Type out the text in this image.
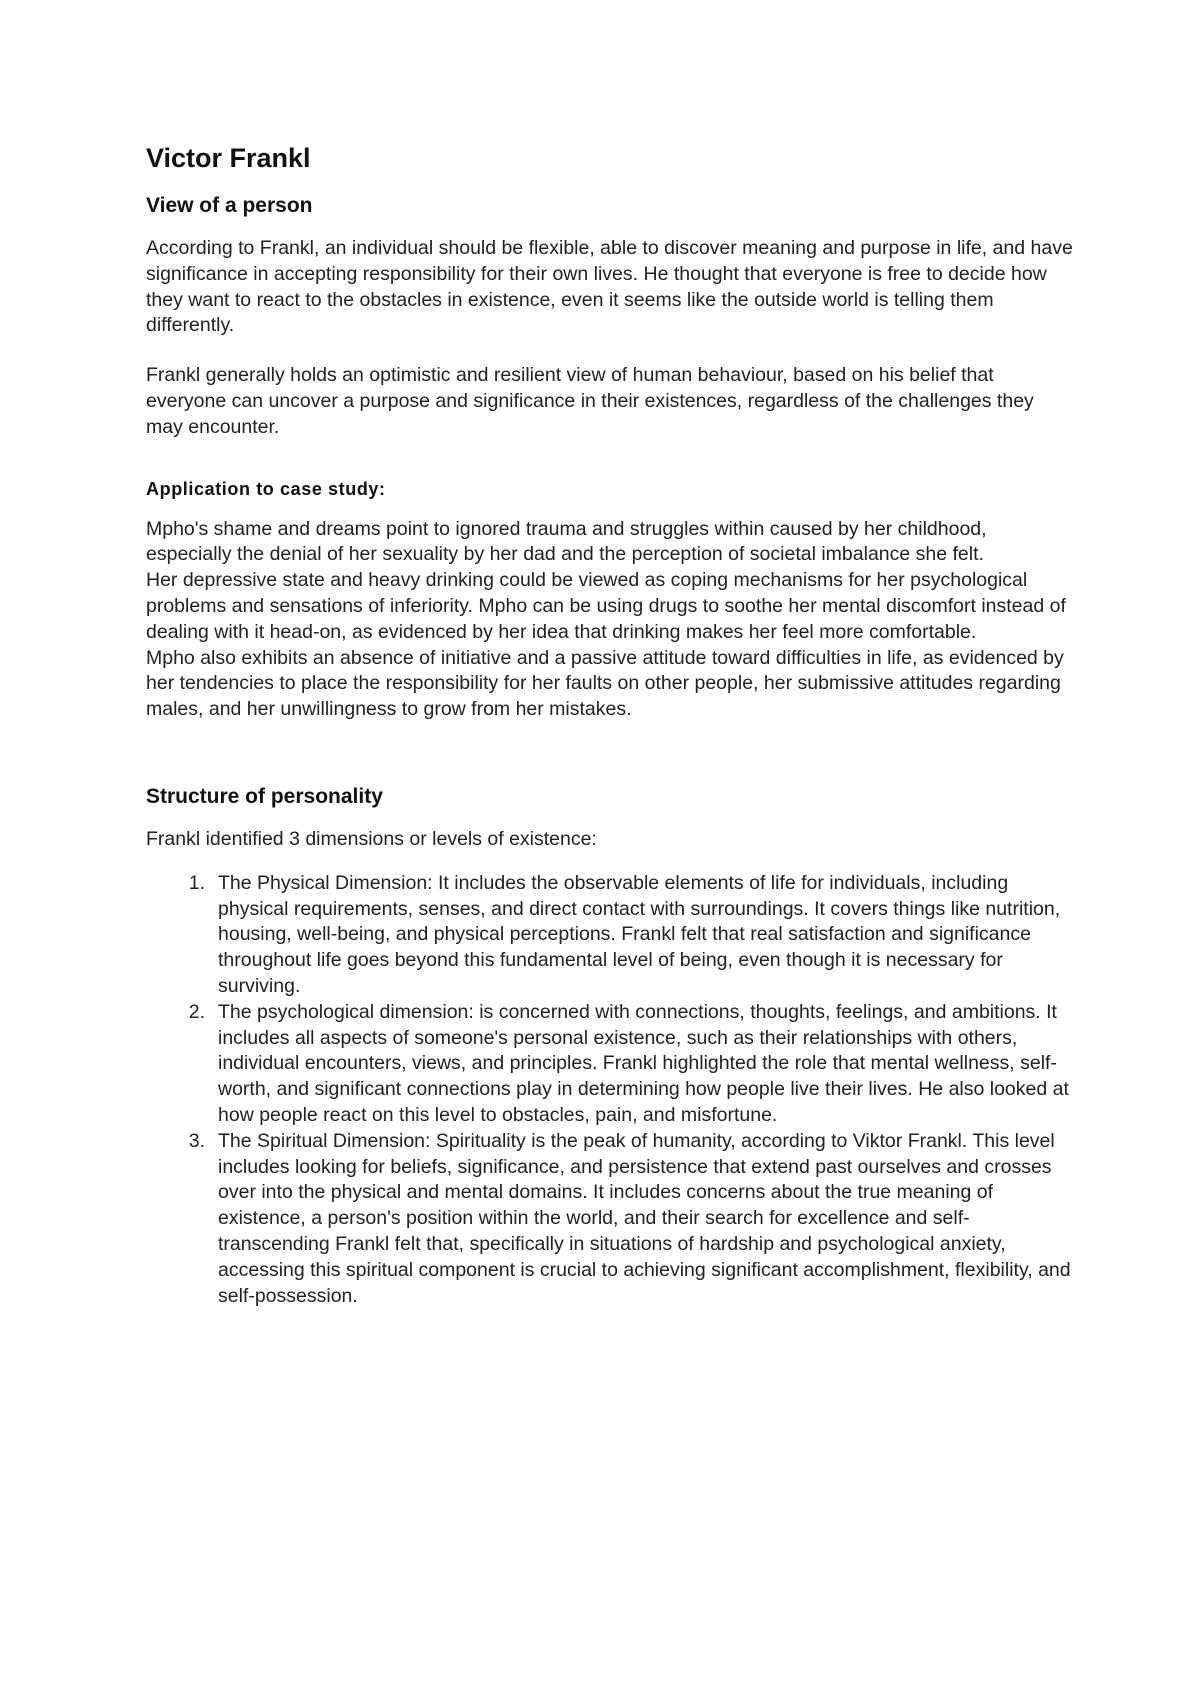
Victor Frankl
View of a person

According to Frankl, an individual should be flexible, able to discover meaning and purpose in life, and have significance in accepting responsibility for their own lives. He thought that everyone is free to decide how they want to react to the obstacles in existence, even it seems like the outside world is telling them differently.

Frankl generally holds an optimistic and resilient view of human behaviour, based on his belief that everyone can uncover a purpose and significance in their existences, regardless of the challenges they may encounter.

Application to case study:

Mpho's shame and dreams point to ignored trauma and struggles within caused by her childhood, especially the denial of her sexuality by her dad and the perception of societal imbalance she felt.

Her depressive state and heavy drinking could be viewed as coping mechanisms for her psychological problems and sensations of inferiority. Mpho can be using drugs to soothe her mental discomfort instead of dealing with it head-on, as evidenced by her idea that drinking makes her feel more comfortable.

Mpho also exhibits an absence of initiative and a passive attitude toward difficulties in life, as evidenced by her tendencies to place the responsibility for her faults on other people, her submissive attitudes regarding males, and her unwillingness to grow from her mistakes.

Structure of personality

Frankl identified 3 dimensions or levels of existence:

1. The Physical Dimension: It includes the observable elements of life for individuals, including physical requirements, senses, and direct contact with surroundings. It covers things like nutrition, housing, well-being, and physical perceptions. Frankl felt that real satisfaction and significance throughout life goes beyond this fundamental level of being, even though it is necessary for surviving.
2. The psychological dimension: is concerned with connections, thoughts, feelings, and ambitions. It includes all aspects of someone's personal existence, such as their relationships with others, individual encounters, views, and principles. Frankl highlighted the role that mental wellness, self-worth, and significant connections play in determining how people live their lives. He also looked at how people react on this level to obstacles, pain, and misfortune.
3. The Spiritual Dimension: Spirituality is the peak of humanity, according to Viktor Frankl. This level includes looking for beliefs, significance, and persistence that extend past ourselves and crosses over into the physical and mental domains. It includes concerns about the true meaning of existence, a person's position within the world, and their search for excellence and self-transcending Frankl felt that, specifically in situations of hardship and psychological anxiety, accessing this spiritual component is crucial to achieving significant accomplishment, flexibility, and self-possession.
